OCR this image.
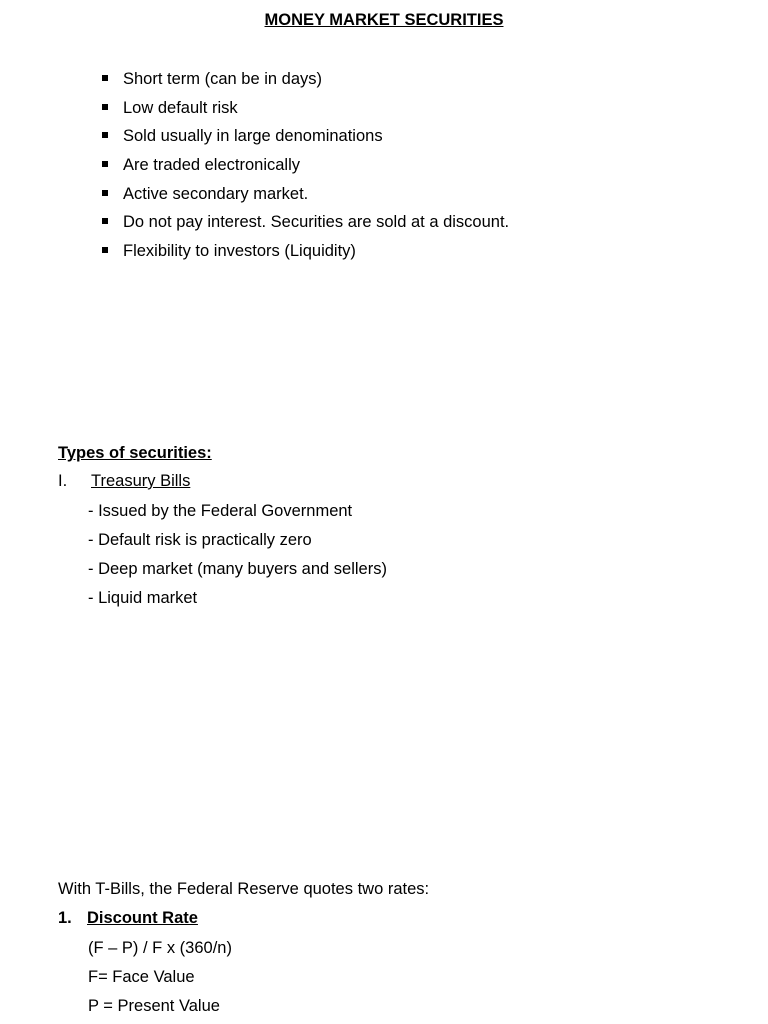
MONEY MARKET SECURITIES
Short term (can be in days)
Low default risk
Sold usually in large denominations
Are traded electronically
Active secondary market.
Do not pay interest. Securities are sold at a discount.
Flexibility to investors (Liquidity)
Types of securities:
I. Treasury Bills
- Issued by the Federal Government
- Default risk is practically zero
- Deep market (many buyers and sellers)
- Liquid market
With T-Bills, the Federal Reserve quotes two rates:
1. Discount Rate
(F – P) / F x (360/n)
F= Face Value
P = Present Value
